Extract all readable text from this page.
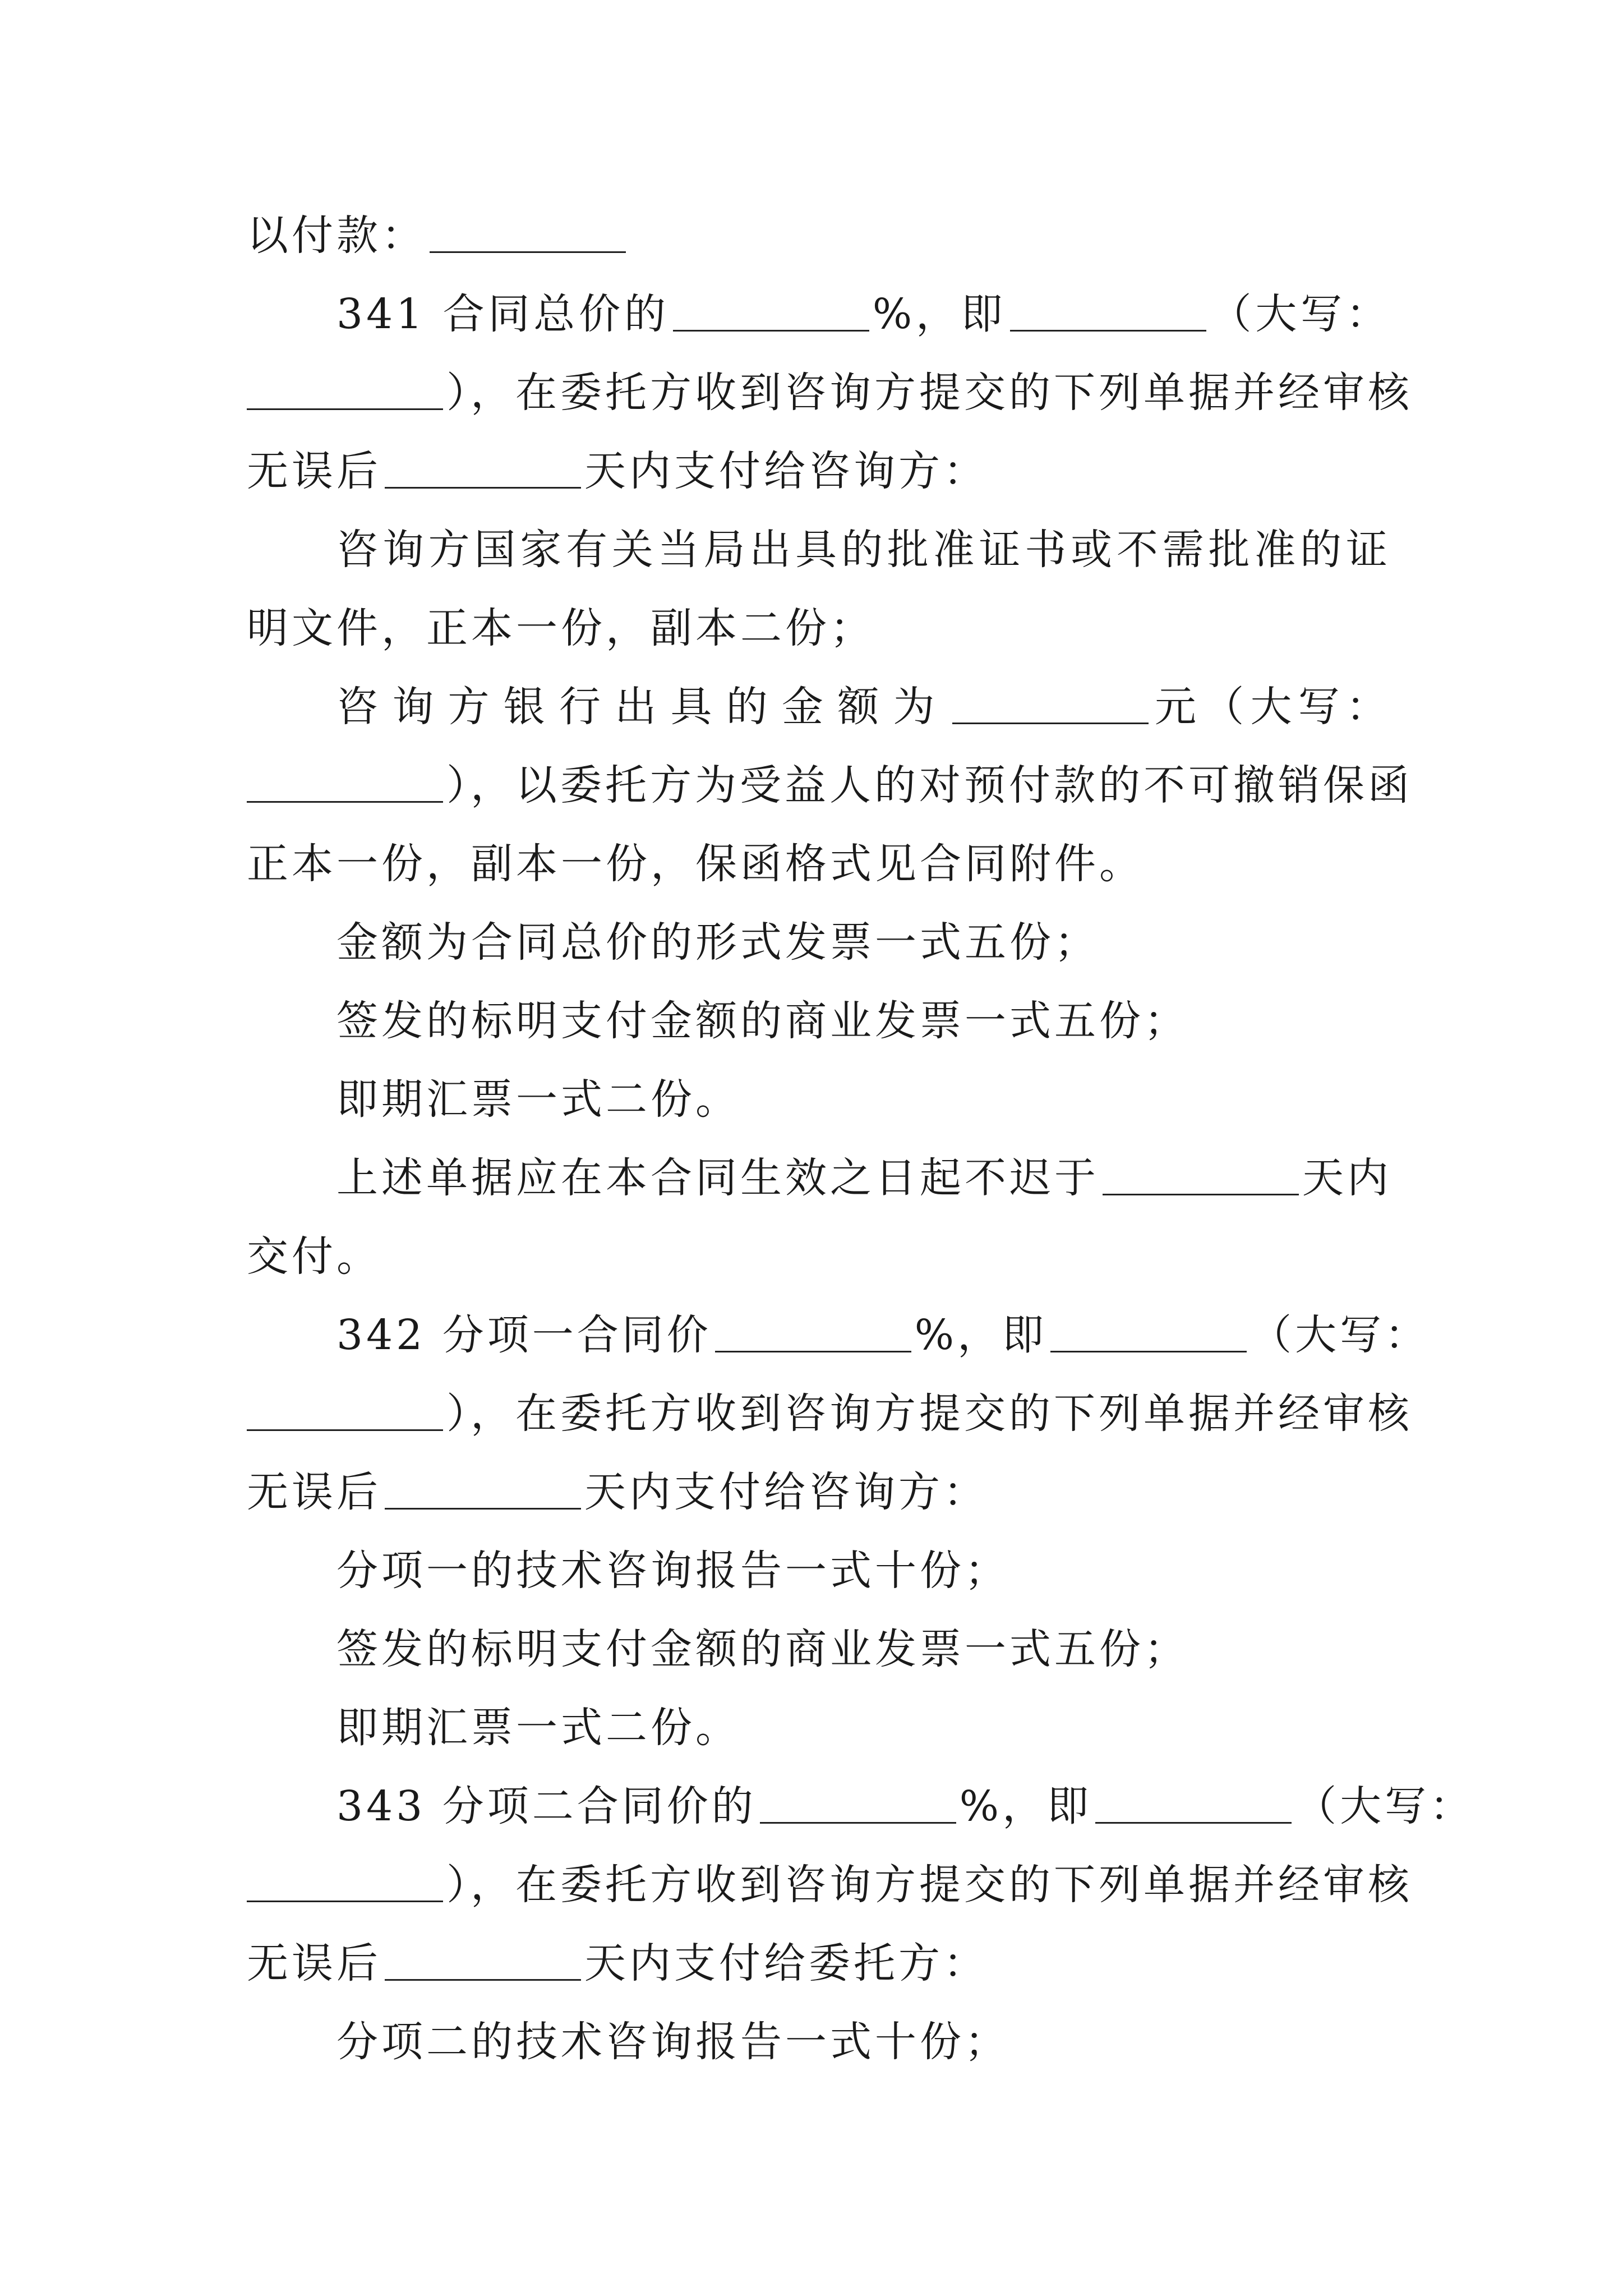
以付款：
341 合同总价的	%，即	（大写：
），在委托方收到咨询方提交的下列单据并经审核
无误后	天内支付给咨询方：
咨询方国家有关当局出具的批准证书或不需批准的证
明文件，正本一份，副本二份；
咨询方银行出具的金额为	元（大写：
），以委托方为受益人的对预付款的不可撤销保函
正本一份，副本一份，保函格式见合同附件。
金额为合同总价的形式发票一式五份；
签发的标明支付金额的商业发票一式五份；
即期汇票一式二份。
上述单据应在本合同生效之日起不迟于	天内
交付。
342 分项一合同价	%，即	（大写：
），在委托方收到咨询方提交的下列单据并经审核
无误后	天内支付给咨询方：
分项一的技术咨询报告一式十份；
签发的标明支付金额的商业发票一式五份；
即期汇票一式二份。
343 分项二合同价的	%，即	（大写：
），在委托方收到咨询方提交的下列单据并经审核
无误后	天内支付给委托方：
分项二的技术咨询报告一式十份；
